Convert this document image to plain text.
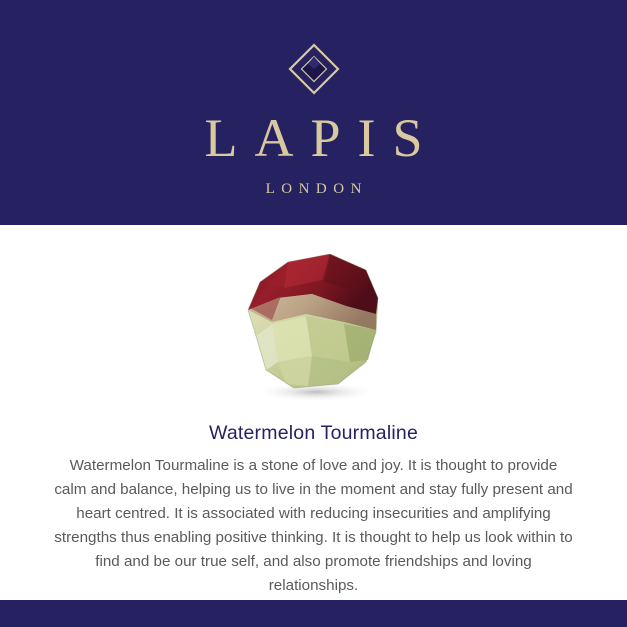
LAPIS
LONDON
Watermelon Tourmaline
Watermelon Tourmaline is a stone of love and joy. It is thought to provide calm and balance, helping us to live in the moment and stay fully present and heart centred. It is associated with reducing insecurities and amplifying strengths thus enabling positive thinking. It is thought to help us look within to find and be our true self, and also promote friendships and loving relationships.
